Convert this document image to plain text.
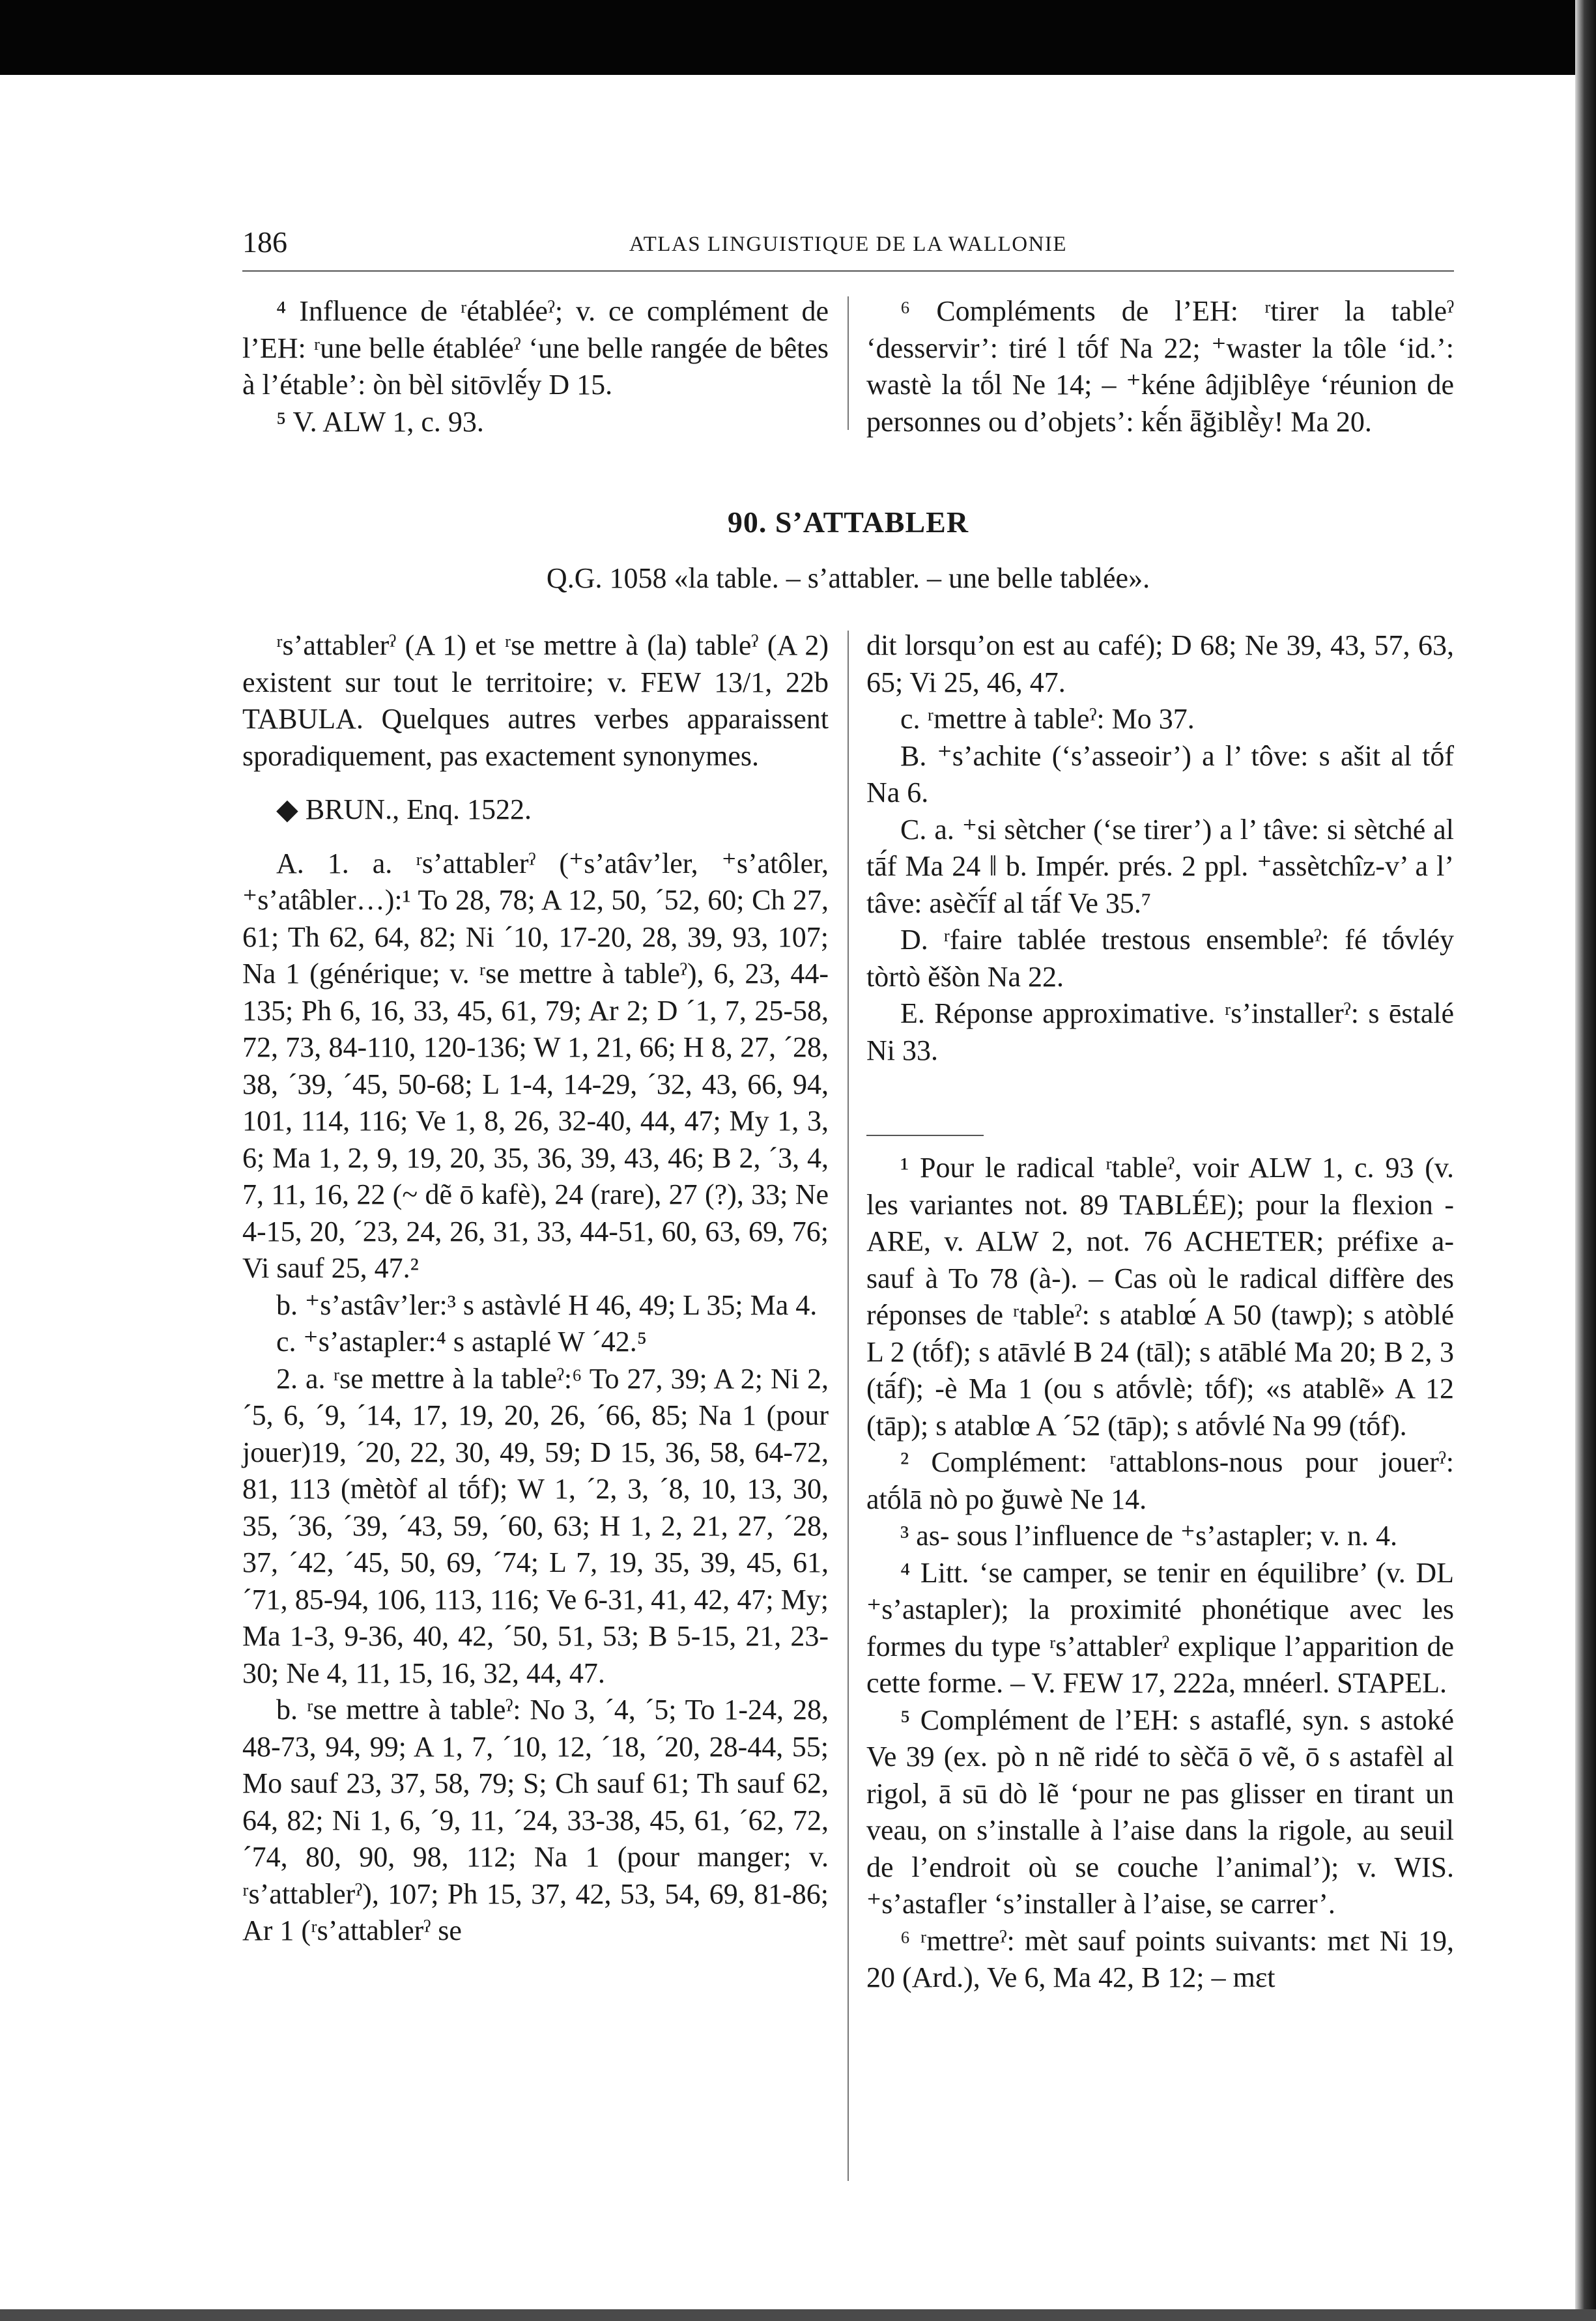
186	ATLAS LINGUISTIQUE DE LA WALLONIE

⁴ Influence de ʳétabléeˀ; v. ce complément de l’EH: ʳune belle établéeˀ ‘une belle rangée de bêtes à l’étable’: òn bèl sitōvlẽ́y D 15.

⁵ V. ALW 1, c. 93.

⁶ Compléments de l’EH: ʳtirer la tableˀ ‘desservir’: tiré l tṓf Na 22; ⁺waster la tôle ‘id.’: wastè la tṓl Ne 14; – ⁺kéne âdjiblêye ‘réunion de personnes ou d’objets’: kẽ́n ǟğiblẽ̀y! Ma 20.

90. S’ATTABLER
Q.G. 1058 «la table. – s’attabler. – une belle tablée».

ʳs’attablerˀ (A 1) et ʳse mettre à (la) tableˀ (A 2) existent sur tout le territoire; v. FEW 13/1, 22b TABULA. Quelques autres verbes apparaissent sporadiquement, pas exactement synonymes.

◆ BRUN., Enq. 1522.

A. 1. a. ʳs’attablerˀ (⁺s’atâv’ler, ⁺s’atôler, ⁺s’atâbler…):¹ To 28, 78; A 12, 50, ´52, 60; Ch 27, 61; Th 62, 64, 82; Ni ´10, 17-20, 28, 39, 93, 107; Na 1 (générique; v. ʳse mettre à tableˀ), 6, 23, 44-135; Ph 6, 16, 33, 45, 61, 79; Ar 2; D ´1, 7, 25-58, 72, 73, 84-110, 120-136; W 1, 21, 66; H 8, 27, ´28, 38, ´39, ´45, 50-68; L 1-4, 14-29, ´32, 43, 66, 94, 101, 114, 116; Ve 1, 8, 26, 32-40, 44, 47; My 1, 3, 6; Ma 1, 2, 9, 19, 20, 35, 36, 39, 43, 46; B 2, ´3, 4, 7, 11, 16, 22 (~ dẽ ō kafè), 24 (rare), 27 (?), 33; Ne 4-15, 20, ´23, 24, 26, 31, 33, 44-51, 60, 63, 69, 76; Vi sauf 25, 47.²

b. ⁺s’astâv’ler:³ s astàvlé H 46, 49; L 35; Ma 4.

c. ⁺s’astapler:⁴ s astaplé W ´42.⁵

2. a. ʳse mettre à la tableˀ:⁶ To 27, 39; A 2; Ni 2, ´5, 6, ´9, ´14, 17, 19, 20, 26, ´66, 85; Na 1 (pour jouer)19, ´20, 22, 30, 49, 59; D 15, 36, 58, 64-72, 81, 113 (mètòf al tṓf); W 1, ´2, 3, ´8, 10, 13, 30, 35, ´36, ´39, ´43, 59, ´60, 63; H 1, 2, 21, 27, ´28, 37, ´42, ´45, 50, 69, ´74; L 7, 19, 35, 39, 45, 61, ´71, 85-94, 106, 113, 116; Ve 6-31, 41, 42, 47; My; Ma 1-3, 9-36, 40, 42, ´50, 51, 53; B 5-15, 21, 23-30; Ne 4, 11, 15, 16, 32, 44, 47.

b. ʳse mettre à tableˀ: No 3, ´4, ´5; To 1-24, 28, 48-73, 94, 99; A 1, 7, ´10, 12, ´18, ´20, 28-44, 55; Mo sauf 23, 37, 58, 79; S; Ch sauf 61; Th sauf 62, 64, 82; Ni 1, 6, ´9, 11, ´24, 33-38, 45, 61, ´62, 72, ´74, 80, 90, 98, 112; Na 1 (pour manger; v. ʳs’attablerˀ), 107; Ph 15, 37, 42, 53, 54, 69, 81-86; Ar 1 (ʳs’attablerˀ se

dit lorsqu’on est au café); D 68; Ne 39, 43, 57, 63, 65; Vi 25, 46, 47.

c. ʳmettre à tableˀ: Mo 37.

B. ⁺s’achite (‘s’asseoir’) a l’ tôve: s ašit al tṓf Na 6.

C. a. ⁺si sètcher (‘se tirer’) a l’ tâve: si sètché al tā́f Ma 24 ‖ b. Impér. prés. 2 ppl. ⁺assètchîz-v’ a l’ tâve: asèčī́f al tā́f Ve 35.⁷

D. ʳfaire tablée trestous ensembleˀ: fé tṓvléy tòrtò ěšòn Na 22.

E. Réponse approximative. ʳs’installerˀ: s ēstalé Ni 33.

¹ Pour le radical ʳtableˀ, voir ALW 1, c. 93 (v. les variantes not. 89 TABLÉE); pour la flexion -ARE, v. ALW 2, not. 76 ACHETER; préfixe a- sauf à To 78 (à-). – Cas où le radical diffère des réponses de ʳtableˀ: s atablœ́ A 50 (tawp); s atòblé L 2 (tṓf); s atāvlé B 24 (tāl); s atāblé Ma 20; B 2, 3 (tā́f); -è Ma 1 (ou s atṓvlè; tṓf); «s atablẽ» A 12 (tāp); s atablœ A ´52 (tāp); s atṓvlé Na 99 (tṓf).

² Complément: ʳattablons-nous pour jouerˀ: atṓlā nò po ğuwè Ne 14.

³ as- sous l’influence de ⁺s’astapler; v. n. 4.

⁴ Litt. ‘se camper, se tenir en équilibre’ (v. DL ⁺s’astapler); la proximité phonétique avec les formes du type ʳs’attablerˀ explique l’apparition de cette forme. – V. FEW 17, 222a, mnéerl. STAPEL.

⁵ Complément de l’EH: s astaflé, syn. s astoké Ve 39 (ex. pò n nẽ ridé to sèčā ō vẽ, ō s astafèl al rigol, ā sū dò lẽ ‘pour ne pas glisser en tirant un veau, on s’installe à l’aise dans la rigole, au seuil de l’endroit où se couche l’animal’); v. WIS. ⁺s’astafler ‘s’installer à l’aise, se carrer’.

⁶ ʳmettreˀ: mèt sauf points suivants: mɛt Ni 19, 20 (Ard.), Ve 6, Ma 42, B 12; – mɛt
